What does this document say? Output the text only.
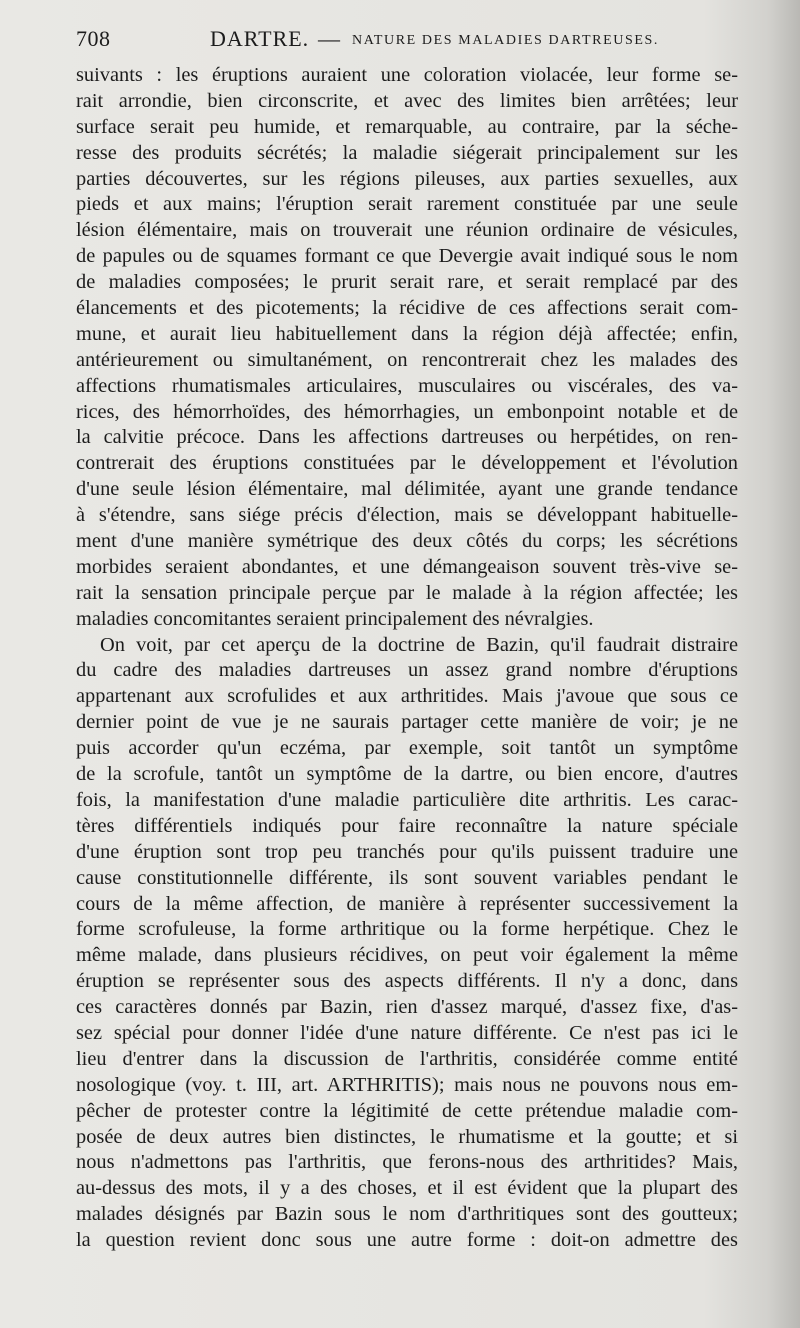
708	DARTRE. — NATURE DES MALADIES DARTREUSES.
suivants : les éruptions auraient une coloration violacée, leur forme se-
rait arrondie, bien circonscrite, et avec des limites bien arrêtées; leur
surface serait peu humide, et remarquable, au contraire, par la séche-
resse des produits sécrétés; la maladie siégerait principalement sur les
parties découvertes, sur les régions pileuses, aux parties sexuelles, aux
pieds et aux mains; l'éruption serait rarement constituée par une seule
lésion élémentaire, mais on trouverait une réunion ordinaire de vésicules,
de papules ou de squames formant ce que Devergie avait indiqué sous le nom
de maladies composées; le prurit serait rare, et serait remplacé par des
élancements et des picotements; la récidive de ces affections serait com-
mune, et aurait lieu habituellement dans la région déjà affectée; enfin,
antérieurement ou simultanément, on rencontrerait chez les malades des
affections rhumatismales articulaires, musculaires ou viscérales, des va-
rices, des hémorrhoïdes, des hémorrhagies, un embonpoint notable et de
la calvitie précoce. Dans les affections dartreuses ou herpétides, on ren-
contrerait des éruptions constituées par le développement et l'évolution
d'une seule lésion élémentaire, mal délimitée, ayant une grande tendance
à s'étendre, sans siége précis d'élection, mais se développant habituelle-
ment d'une manière symétrique des deux côtés du corps; les sécrétions
morbides seraient abondantes, et une démangeaison souvent très-vive se-
rait la sensation principale perçue par le malade à la région affectée; les
maladies concomitantes seraient principalement des névralgies.
On voit, par cet aperçu de la doctrine de Bazin, qu'il faudrait distraire
du cadre des maladies dartreuses un assez grand nombre d'éruptions
appartenant aux scrofulides et aux arthritides. Mais j'avoue que sous ce
dernier point de vue je ne saurais partager cette manière de voir; je ne
puis accorder qu'un eczéma, par exemple, soit tantôt un symptôme
de la scrofule, tantôt un symptôme de la dartre, ou bien encore, d'autres
fois, la manifestation d'une maladie particulière dite arthritis. Les carac-
tères différentiels indiqués pour faire reconnaître la nature spéciale
d'une éruption sont trop peu tranchés pour qu'ils puissent traduire une
cause constitutionnelle différente, ils sont souvent variables pendant le
cours de la même affection, de manière à représenter successivement la
forme scrofuleuse, la forme arthritique ou la forme herpétique. Chez le
même malade, dans plusieurs récidives, on peut voir également la même
éruption se représenter sous des aspects différents. Il n'y a donc, dans
ces caractères donnés par Bazin, rien d'assez marqué, d'assez fixe, d'as-
sez spécial pour donner l'idée d'une nature différente. Ce n'est pas ici le
lieu d'entrer dans la discussion de l'arthritis, considérée comme entité
nosologique (voy. t. III, art. ARTHRITIS); mais nous ne pouvons nous em-
pêcher de protester contre la légitimité de cette prétendue maladie com-
posée de deux autres bien distinctes, le rhumatisme et la goutte; et si
nous n'admettons pas l'arthritis, que ferons-nous des arthritides? Mais,
au-dessus des mots, il y a des choses, et il est évident que la plupart des
malades désignés par Bazin sous le nom d'arthritiques sont des goutteux;
la question revient donc sous une autre forme : doit-on admettre des
